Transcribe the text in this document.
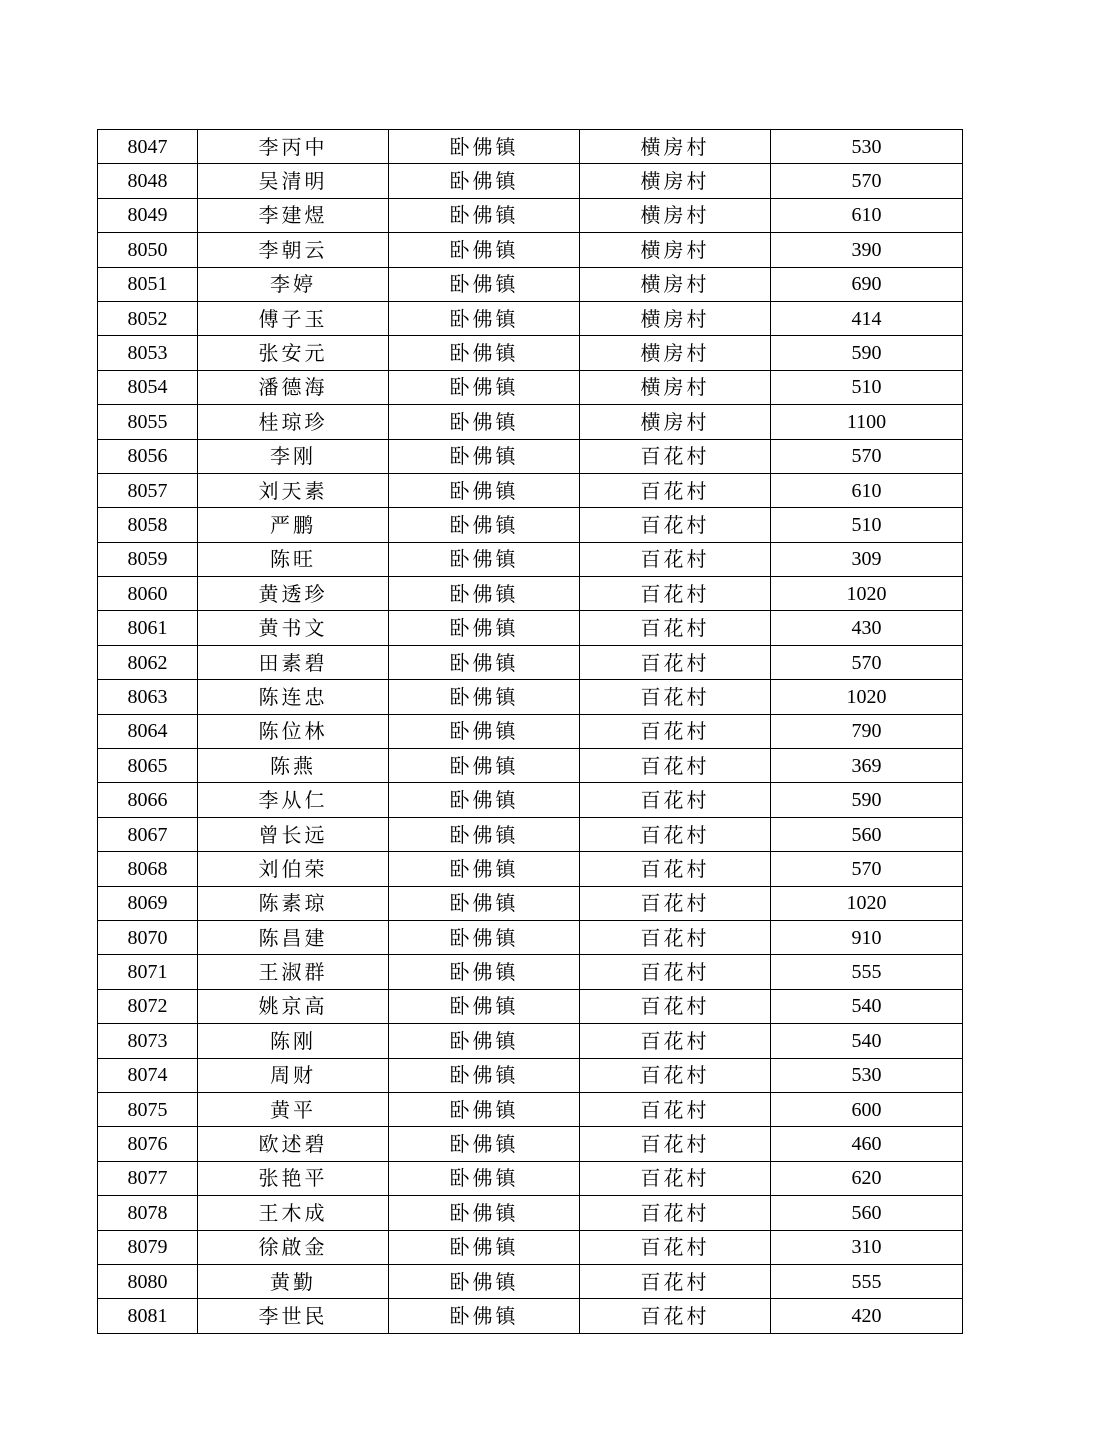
8047	李丙中	卧佛镇	横房村	530
8048	吴清明	卧佛镇	横房村	570
8049	李建煜	卧佛镇	横房村	610
8050	李朝云	卧佛镇	横房村	390
8051	李婷	卧佛镇	横房村	690
8052	傅子玉	卧佛镇	横房村	414
8053	张安元	卧佛镇	横房村	590
8054	潘德海	卧佛镇	横房村	510
8055	桂琼珍	卧佛镇	横房村	1100
8056	李刚	卧佛镇	百花村	570
8057	刘天素	卧佛镇	百花村	610
8058	严鹏	卧佛镇	百花村	510
8059	陈旺	卧佛镇	百花村	309
8060	黄透珍	卧佛镇	百花村	1020
8061	黄书文	卧佛镇	百花村	430
8062	田素碧	卧佛镇	百花村	570
8063	陈连忠	卧佛镇	百花村	1020
8064	陈位林	卧佛镇	百花村	790
8065	陈燕	卧佛镇	百花村	369
8066	李从仁	卧佛镇	百花村	590
8067	曾长远	卧佛镇	百花村	560
8068	刘伯荣	卧佛镇	百花村	570
8069	陈素琼	卧佛镇	百花村	1020
8070	陈昌建	卧佛镇	百花村	910
8071	王淑群	卧佛镇	百花村	555
8072	姚京高	卧佛镇	百花村	540
8073	陈刚	卧佛镇	百花村	540
8074	周财	卧佛镇	百花村	530
8075	黄平	卧佛镇	百花村	600
8076	欧述碧	卧佛镇	百花村	460
8077	张艳平	卧佛镇	百花村	620
8078	王木成	卧佛镇	百花村	560
8079	徐啟金	卧佛镇	百花村	310
8080	黄勤	卧佛镇	百花村	555
8081	李世民	卧佛镇	百花村	420
